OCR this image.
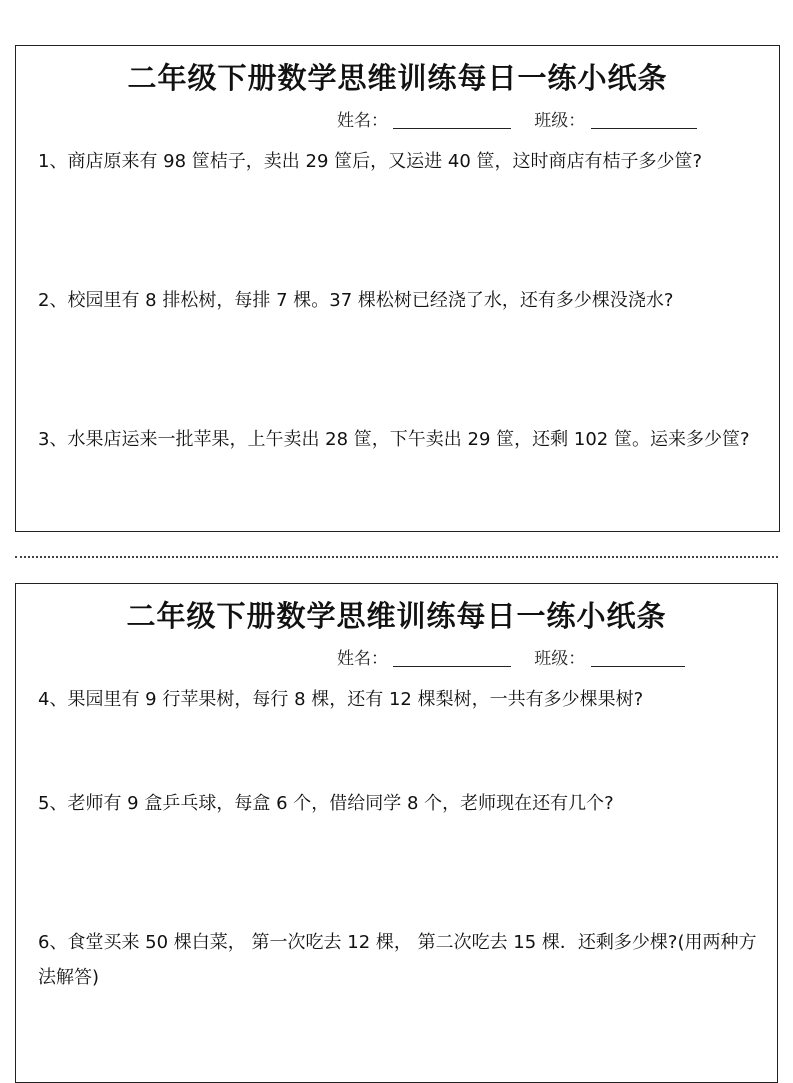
二年级下册数学思维训练每日一练小纸条
姓名：	班级：
1、商店原来有 98 筐桔子，卖出 29 筐后，又运进 40 筐，这时商店有桔子多少筐?
2、校园里有 8 排松树，每排 7 棵。37 棵松树已经浇了水，还有多少棵没浇水?
3、水果店运来一批苹果，上午卖出 28 筐，下午卖出 29 筐，还剩 102 筐。运来多少筐?
二年级下册数学思维训练每日一练小纸条
姓名：	班级：
4、果园里有 9 行苹果树，每行 8 棵，还有 12 棵梨树，一共有多少棵果树?
5、老师有 9 盒乒乓球，每盒 6 个，借给同学 8 个，老师现在还有几个?
6、食堂买来 50 棵白菜， 第一次吃去 12 棵， 第二次吃去 15 棵．还剩多少棵?(用两种方法解答)
